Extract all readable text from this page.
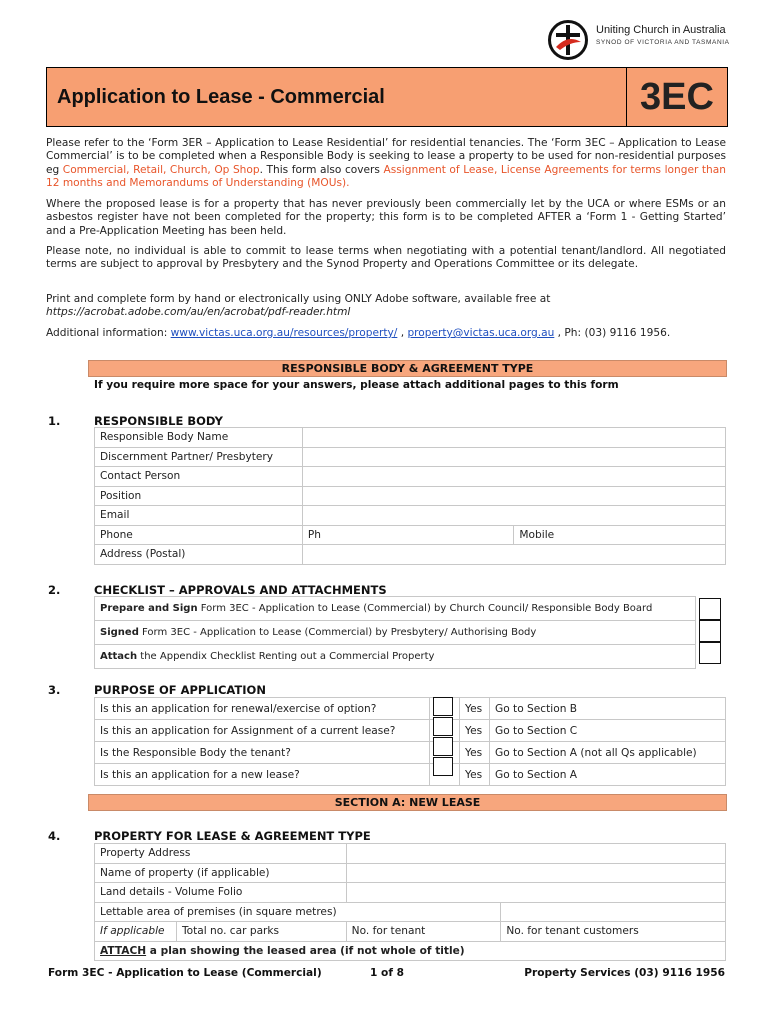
Uniting Church in Australia
SYNOD OF VICTORIA AND TASMANIA
Application to Lease - Commercial	3EC
Please refer to the ‘Form 3ER – Application to Lease Residential’ for residential tenancies. The ‘Form 3EC – Application to Lease Commercial’ is to be completed when a Responsible Body is seeking to lease a property to be used for non-residential purposes eg Commercial, Retail, Church, Op Shop. This form also covers Assignment of Lease, License Agreements for terms longer than 12 months and Memorandums of Understanding (MOUs).
Where the proposed lease is for a property that has never previously been commercially let by the UCA or where ESMs or an asbestos register have not been completed for the property; this form is to be completed AFTER a ‘Form 1 - Getting Started’ and a Pre-Application Meeting has been held.
Please note, no individual is able to commit to lease terms when negotiating with a potential tenant/landlord. All negotiated terms are subject to approval by Presbytery and the Synod Property and Operations Committee or its delegate.
Print and complete form by hand or electronically using ONLY Adobe software, available free at
https://acrobat.adobe.com/au/en/acrobat/pdf-reader.html
Additional information: www.victas.uca.org.au/resources/property/ , property@victas.uca.org.au , Ph: (03) 9116 1956.
RESPONSIBLE BODY & AGREEMENT TYPE
If you require more space for your answers, please attach additional pages to this form
1.	RESPONSIBLE BODY
Responsible Body Name		
Discernment Partner/ Presbytery		
Contact Person		
Position		
Email		
Phone	Ph	Mobile
Address (Postal)		
2.	CHECKLIST – APPROVALS AND ATTACHMENTS
Prepare and Sign Form 3EC - Application to Lease (Commercial) by Church Council/ Responsible Body Board
Signed Form 3EC - Application to Lease (Commercial) by Presbytery/ Authorising Body
Attach the Appendix Checklist Renting out a Commercial Property
3.	PURPOSE OF APPLICATION
Is this an application for renewal/exercise of option?		Yes	Go to Section B
Is this an application for Assignment of a current lease?		Yes	Go to Section C
Is the Responsible Body the tenant?		Yes	Go to Section A (not all Qs applicable)
Is this an application for a new lease?		Yes	Go to Section A
SECTION A: NEW LEASE
4.	PROPERTY FOR LEASE & AGREEMENT TYPE
Property Address			
Name of property (if applicable)			
Land details - Volume Folio			
Lettable area of premises (in square metres)			
If applicable	Total no. car parks	No. for tenant	No. for tenant customers
ATTACH a plan showing the leased area (if not whole of title)			
Form 3EC - Application to Lease (Commercial)	1 of 8	Property Services (03) 9116 1956
